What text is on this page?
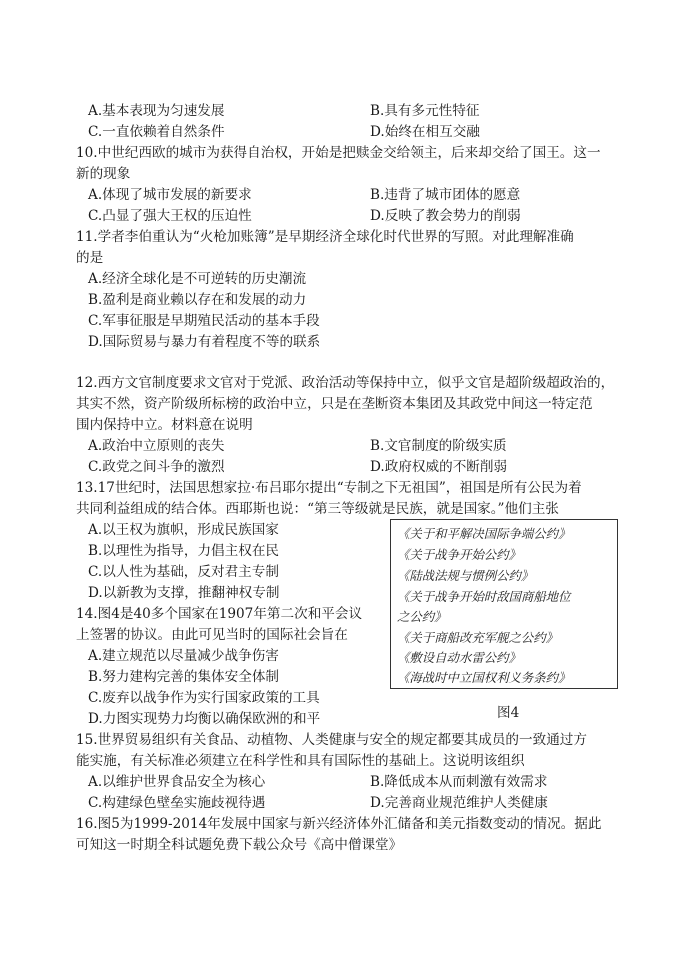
A.基本表现为匀速发展	B.具有多元性特征
C.一直依赖着自然条件	D.始终在相互交融
10.中世纪西欧的城市为获得自治权，开始是把赎金交给领主，后来却交给了国王。这一
新的现象
A.体现了城市发展的新要求	B.违背了城市团体的愿意
C.凸显了强大王权的压迫性	D.反映了教会势力的削弱
11.学者李伯重认为“火枪加账簿”是早期经济全球化时代世界的写照。对此理解准确
的是
A.经济全球化是不可逆转的历史潮流
B.盈利是商业赖以存在和发展的动力
C.军事征服是早期殖民活动的基本手段
D.国际贸易与暴力有着程度不等的联系
12.西方文官制度要求文官对于党派、政治活动等保持中立，似乎文官是超阶级超政治的，
其实不然，资产阶级所标榜的政治中立，只是在垄断资本集团及其政党中间这一特定范
围内保持中立。材料意在说明
A.政治中立原则的丧失	B.文官制度的阶级实质
C.政党之间斗争的激烈	D.政府权威的不断削弱
13.17世纪时，法国思想家拉·布吕耶尔提出“专制之下无祖国”，祖国是所有公民为着
共同利益组成的结合体。西耶斯也说：“第三等级就是民族，就是国家。”他们主张
A.以王权为旗帜，形成民族国家
B.以理性为指导，力倡主权在民
C.以人性为基础，反对君主专制
D.以新教为支撑，推翻神权专制
14.图4是40多个国家在1907年第二次和平会议
上签署的协议。由此可见当时的国际社会旨在
A.建立规范以尽量减少战争伤害
B.努力建构完善的集体安全体制
C.废弃以战争作为实行国家政策的工具
D.力图实现势力均衡以确保欧洲的和平
《关于和平解决国际争端公约》
《关于战争开始公约》
《陆战法规与惯例公约》
《关于战争开始时敌国商船地位
之公约》
《关于商船改充军舰之公约》
《敷设自动水雷公约》
《海战时中立国权利义务条约》
图4
15.世界贸易组织有关食品、动植物、人类健康与安全的规定都要其成员的一致通过方
能实施，有关标准必须建立在科学性和具有国际性的基础上。这说明该组织
A.以维护世界食品安全为核心	B.降低成本从而刺激有效需求
C.构建绿色壁垒实施歧视待遇	D.完善商业规范维护人类健康
16.图5为1999-2014年发展中国家与新兴经济体外汇储备和美元指数变动的情况。据此
可知这一时期全科试题免费下载公众号《高中僧课堂》
